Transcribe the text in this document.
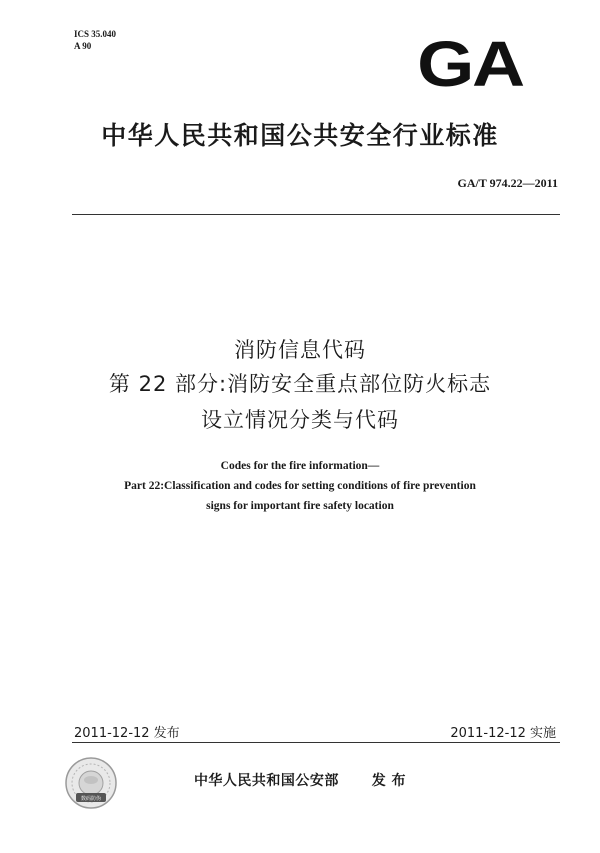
ICS 35.040
A 90	GA
中华人民共和国公共安全行业标准
GA/T 974.22—2011
消防信息代码
第 22 部分:消防安全重点部位防火标志
设立情况分类与代码
Codes for the fire information—
Part 22:Classification and codes for setting conditions of fire prevention
signs for important fire safety location
2011-12-12 发布	2011-12-12 实施
数码防伪
中华人民共和国公安部 发 布
